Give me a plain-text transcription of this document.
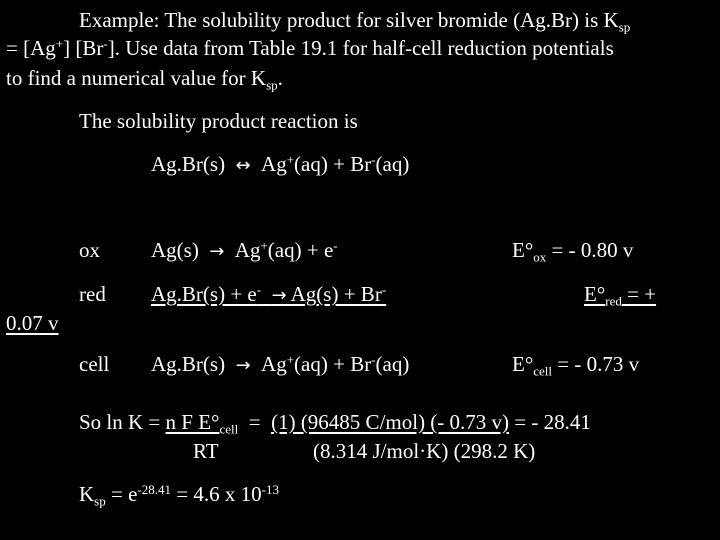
Example: The solubility product for silver bromide (Ag.Br) is $K_{sp}$
= [Ag+] [Br-]. Use data from Table 19.1 for half-cell reduction potentials
to find a numerical value for $K_{sp}$.
The solubility product reaction is
Ag.Br(s) ↔ Ag+(aq) + Br-(aq)
ox Ag(s) → Ag+(aq) + e-	$E^\circ_{ox}$ = - 0.80 v
red Ag.Br(s) + e- → Ag(s) + Br-	$E^\circ_{red}$ = +
0.07 v
cell Ag.Br(s) → Ag+(aq) + Br-(aq)	$E^\circ_{cell}$ = - 0.73 v
So ln K = n F $E^\circ_{cell} = (1)$ (96485 C/mol) (- 0.73 v) = - 28.41
RT	(8.314 J/mol·K) (298.2 K)
$K_{sp} = e^{-28.41} = 4.6$ x $10^{-13}$
